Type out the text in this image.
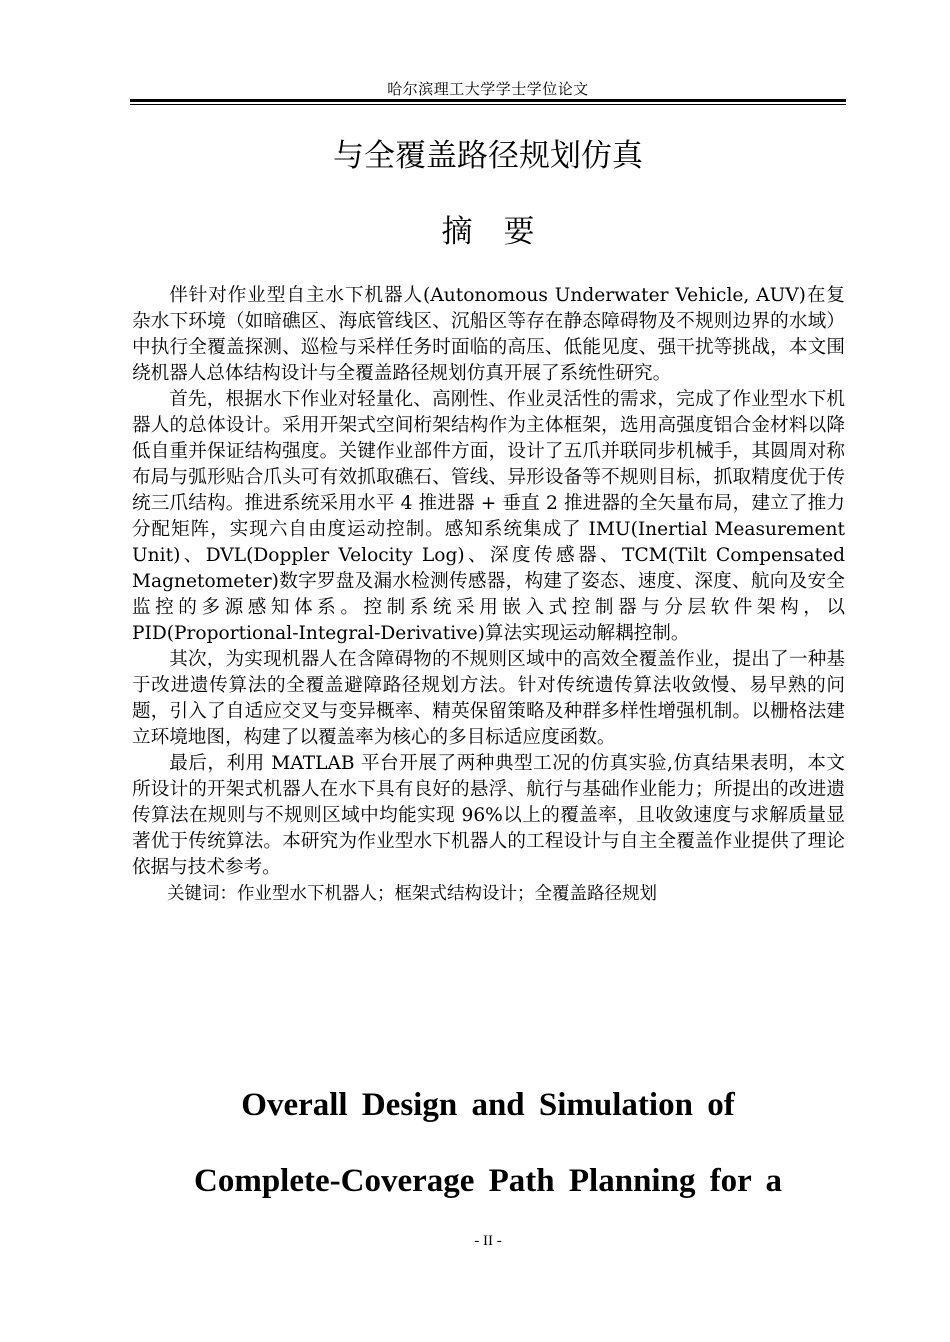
哈尔滨理工大学学士学位论文
与全覆盖路径规划仿真
摘　要

伴针对作业型自主水下机器人(Autonomous Underwater Vehicle, AUV)在复杂水下环境（如暗礁区、海底管线区、沉船区等存在静态障碍物及不规则边界的水域）中执行全覆盖探测、巡检与采样任务时面临的高压、低能见度、强干扰等挑战，本文围绕机器人总体结构设计与全覆盖路径规划仿真开展了系统性研究。

首先，根据水下作业对轻量化、高刚性、作业灵活性的需求，完成了作业型水下机器人的总体设计。采用开架式空间桁架结构作为主体框架，选用高强度铝合金材料以降低自重并保证结构强度。关键作业部件方面，设计了五爪并联同步机械手，其圆周对称布局与弧形贴合爪头可有效抓取礁石、管线、异形设备等不规则目标，抓取精度优于传统三爪结构。推进系统采用水平 4 推进器 + 垂直 2 推进器的全矢量布局，建立了推力分配矩阵，实现六自由度运动控制。感知系统集成了 IMU(Inertial Measurement Unit)、DVL(Doppler Velocity Log)、深度传感器、TCM(Tilt Compensated Magnetometer)数字罗盘及漏水检测传感器，构建了姿态、速度、深度、航向及安全监控的多源感知体系。控制系统采用嵌入式控制器与分层软件架构，以 PID(Proportional-Integral-Derivative)算法实现运动解耦控制。

其次，为实现机器人在含障碍物的不规则区域中的高效全覆盖作业，提出了一种基于改进遗传算法的全覆盖避障路径规划方法。针对传统遗传算法收敛慢、易早熟的问题，引入了自适应交叉与变异概率、精英保留策略及种群多样性增强机制。以栅格法建立环境地图，构建了以覆盖率为核心的多目标适应度函数。

最后，利用 MATLAB 平台开展了两种典型工况的仿真实验,仿真结果表明，本文所设计的开架式机器人在水下具有良好的悬浮、航行与基础作业能力；所提出的改进遗传算法在规则与不规则区域中均能实现 96%以上的覆盖率，且收敛速度与求解质量显著优于传统算法。本研究为作业型水下机器人的工程设计与自主全覆盖作业提供了理论依据与技术参考。

关键词：作业型水下机器人；框架式结构设计；全覆盖路径规划

Overall Design and Simulation of
Complete-Coverage Path Planning for a
- II -
